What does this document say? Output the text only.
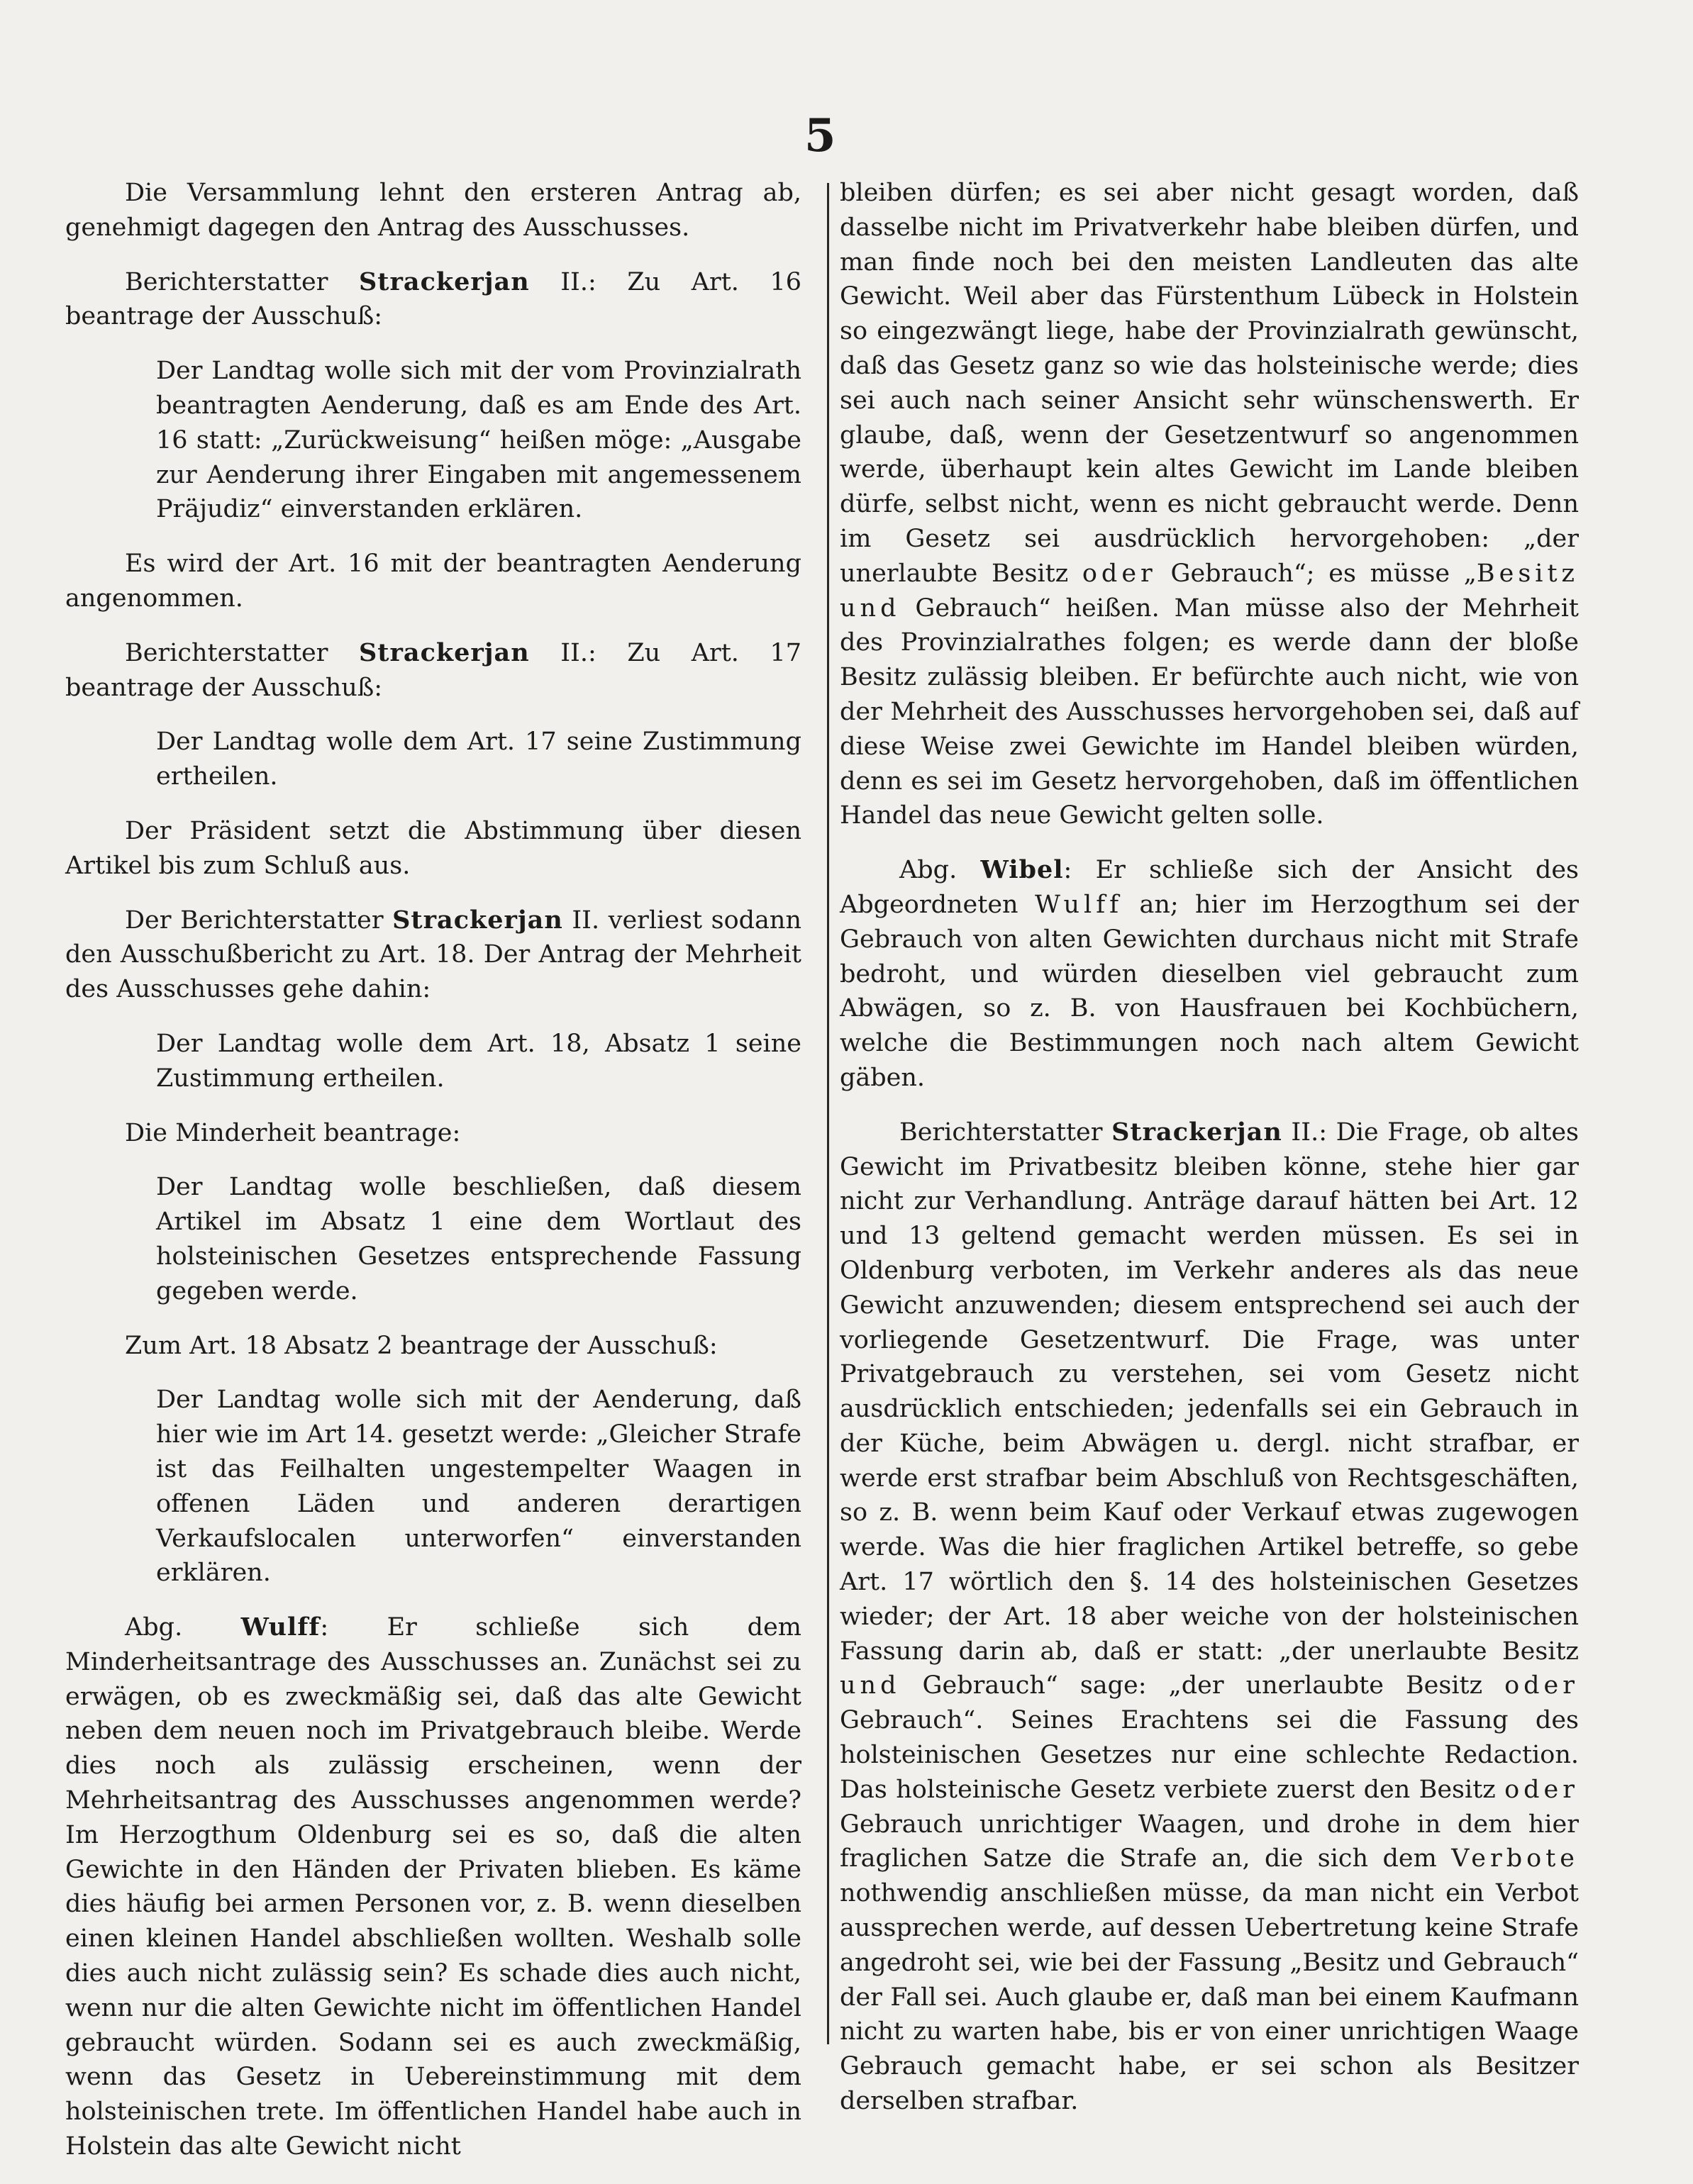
5

Die Versammlung lehnt den ersteren Antrag ab, genehmigt dagegen den Antrag des Ausschusses.

Berichterstatter Strackerjan II.: Zu Art. 16 beantrage der Ausschuß:

Der Landtag wolle sich mit der vom Provinzialrath beantragten Aenderung, daß es am Ende des Art. 16 statt: „Zurückweisung“ heißen möge: „Ausgabe zur Aenderung ihrer Eingaben mit angemessenem Präjudiz“ einverstanden erklären.

Es wird der Art. 16 mit der beantragten Aenderung angenommen.

Berichterstatter Strackerjan II.: Zu Art. 17 beantrage der Ausschuß:

Der Landtag wolle dem Art. 17 seine Zustimmung ertheilen.

Der Präsident setzt die Abstimmung über diesen Artikel bis zum Schluß aus.

Der Berichterstatter Strackerjan II. verliest sodann den Ausschußbericht zu Art. 18. Der Antrag der Mehrheit des Ausschusses gehe dahin:

Der Landtag wolle dem Art. 18, Absatz 1 seine Zustimmung ertheilen.

Die Minderheit beantrage:

Der Landtag wolle beschließen, daß diesem Artikel im Absatz 1 eine dem Wortlaut des holsteinischen Gesetzes entsprechende Fassung gegeben werde.

Zum Art. 18 Absatz 2 beantrage der Ausschuß:

Der Landtag wolle sich mit der Aenderung, daß hier wie im Art 14. gesetzt werde: „Gleicher Strafe ist das Feilhalten ungestempelter Waagen in offenen Läden und anderen derartigen Verkaufslocalen unterworfen“ einverstanden erklären.

Abg. Wulff: Er schließe sich dem Minderheitsantrage des Ausschusses an. Zunächst sei zu erwägen, ob es zweckmäßig sei, daß das alte Gewicht neben dem neuen noch im Privatgebrauch bleibe. Werde dies noch als zulässig erscheinen, wenn der Mehrheitsantrag des Ausschusses angenommen werde? Im Herzogthum Oldenburg sei es so, daß die alten Gewichte in den Händen der Privaten blieben. Es käme dies häufig bei armen Personen vor, z. B. wenn dieselben einen kleinen Handel abschließen wollten. Weshalb solle dies auch nicht zulässig sein? Es schade dies auch nicht, wenn nur die alten Gewichte nicht im öffentlichen Handel gebraucht würden. Sodann sei es auch zweckmäßig, wenn das Gesetz in Uebereinstimmung mit dem holsteinischen trete. Im öffentlichen Handel habe auch in Holstein das alte Gewicht nicht

bleiben dürfen; es sei aber nicht gesagt worden, daß dasselbe nicht im Privatverkehr habe bleiben dürfen, und man finde noch bei den meisten Landleuten das alte Gewicht. Weil aber das Fürstenthum Lübeck in Holstein so eingezwängt liege, habe der Provinzialrath gewünscht, daß das Gesetz ganz so wie das holsteinische werde; dies sei auch nach seiner Ansicht sehr wünschenswerth. Er glaube, daß, wenn der Gesetzentwurf so angenommen werde, überhaupt kein altes Gewicht im Lande bleiben dürfe, selbst nicht, wenn es nicht gebraucht werde. Denn im Gesetz sei ausdrücklich hervorgehoben: „der unerlaubte Besitz oder Gebrauch“; es müsse „Besitz und Gebrauch“ heißen. Man müsse also der Mehrheit des Provinzialrathes folgen; es werde dann der bloße Besitz zulässig bleiben. Er befürchte auch nicht, wie von der Mehrheit des Ausschusses hervorgehoben sei, daß auf diese Weise zwei Gewichte im Handel bleiben würden, denn es sei im Gesetz hervorgehoben, daß im öffentlichen Handel das neue Gewicht gelten solle.

Abg. Wibel: Er schließe sich der Ansicht des Abgeordneten Wulff an; hier im Herzogthum sei der Gebrauch von alten Gewichten durchaus nicht mit Strafe bedroht, und würden dieselben viel gebraucht zum Abwägen, so z. B. von Hausfrauen bei Kochbüchern, welche die Bestimmungen noch nach altem Gewicht gäben.

Berichterstatter Strackerjan II.: Die Frage, ob altes Gewicht im Privatbesitz bleiben könne, stehe hier gar nicht zur Verhandlung. Anträge darauf hätten bei Art. 12 und 13 geltend gemacht werden müssen. Es sei in Oldenburg verboten, im Verkehr anderes als das neue Gewicht anzuwenden; diesem entsprechend sei auch der vorliegende Gesetzentwurf. Die Frage, was unter Privatgebrauch zu verstehen, sei vom Gesetz nicht ausdrücklich entschieden; jedenfalls sei ein Gebrauch in der Küche, beim Abwägen u. dergl. nicht strafbar, er werde erst strafbar beim Abschluß von Rechtsgeschäften, so z. B. wenn beim Kauf oder Verkauf etwas zugewogen werde. Was die hier fraglichen Artikel betreffe, so gebe Art. 17 wörtlich den §. 14 des holsteinischen Gesetzes wieder; der Art. 18 aber weiche von der holsteinischen Fassung darin ab, daß er statt: „der unerlaubte Besitz und Gebrauch“ sage: „der unerlaubte Besitz oder Gebrauch“. Seines Erachtens sei die Fassung des holsteinischen Gesetzes nur eine schlechte Redaction. Das holsteinische Gesetz verbiete zuerst den Besitz oder Gebrauch unrichtiger Waagen, und drohe in dem hier fraglichen Satze die Strafe an, die sich dem Verbote nothwendig anschließen müsse, da man nicht ein Verbot aussprechen werde, auf dessen Uebertretung keine Strafe angedroht sei, wie bei der Fassung „Besitz und Gebrauch“ der Fall sei. Auch glaube er, daß man bei einem Kaufmann nicht zu warten habe, bis er von einer unrichtigen Waage Gebrauch gemacht habe, er sei schon als Besitzer derselben strafbar.
